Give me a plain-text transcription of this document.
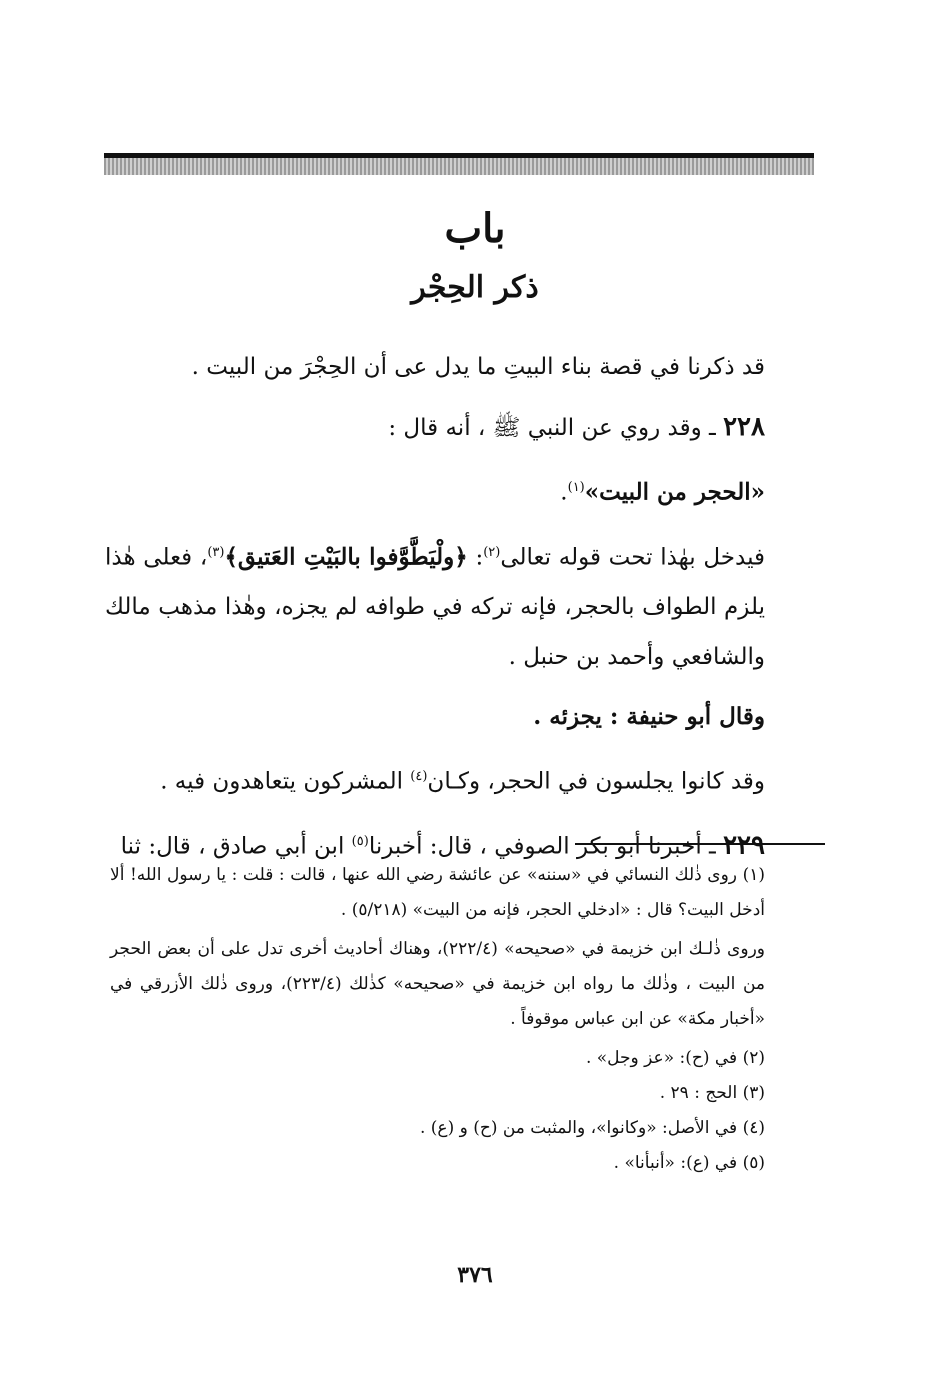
باب
ذكر الحِجْر

قد ذكرنا في قصة بناء البيتِ ما يدل عى أن الحِجْرَ من البيت .

٢٢٨ ـ وقد روي عن النبي ﷺ ، أنه قال :

«الحجر من البيت»$^{(١)}$.

فيدخل بهٰذا تحت قوله تعالى$^{(٢)}$: ﴿ولْيَطَّوَّفوا بالبَيْتِ العَتيق﴾$^{(٣)}$، فعلى هٰذا يلزم الطواف بالحجر، فإنه تركه في طوافه لم يجزه، وهٰذا مذهب مالك والشافعي وأحمد بن حنبل .

وقال أبو حنيفة : يجزئه .

وقد كانوا يجلسون في الحجر، وكـان$^{(٤)}$ المشركون يتعاهدون فيه .

٢٢٩ ـ أخبرنا أبو بكر الصوفي ، قال: أخبرنا$^{(٥)}$ ابن أبي صادق ، قال: ثنا

(١) روى ذٰلك النسائي في «سننه» عن عائشة رضي الله عنها ، قالت : قلت : يا رسول الله! ألا أدخل البيت؟ قال : «ادخلي الحجر، فإنه من البيت» (٥/٢١٨) .

وروى ذٰلـك ابن خزيمة في «صحيحه» (٢٢٢/٤)، وهناك أحاديث أخرى تدل على أن بعض الحجر من البيت ، وذٰلك ما رواه ابن خزيمة في «صحيحه» كذٰلك (٢٢٣/٤)، وروى ذٰلك الأزرقي في «أخبار مكة» عن ابن عباس موقوفاً .

(٢) في (ح): «عز وجل» .

(٣) الحج : ٢٩ .

(٤) في الأصل: «وكانوا»، والمثبت من (ح) و (ع) .

(٥) في (ع): «أنبأنا» .

٣٧٦
